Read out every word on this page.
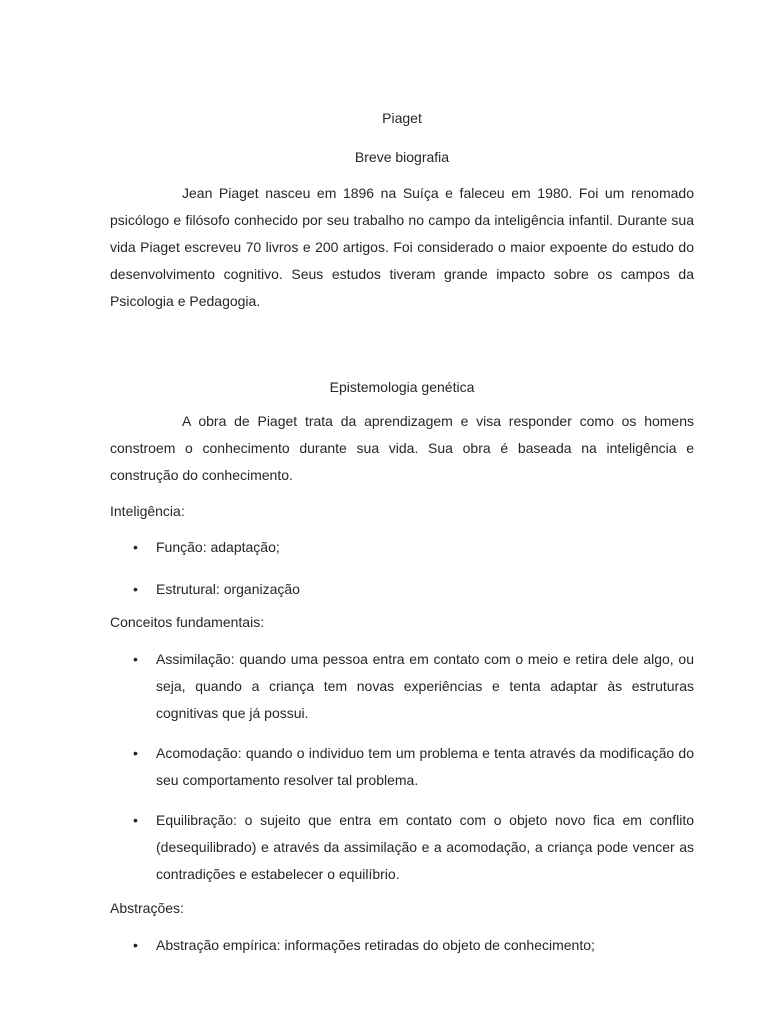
Piaget
Breve biografia

Jean Piaget nasceu em 1896 na Suíça e faleceu em 1980. Foi um renomado psicólogo e filósofo conhecido por seu trabalho no campo da inteligência infantil. Durante sua vida Piaget escreveu 70 livros e 200 artigos. Foi considerado o maior expoente do estudo do desenvolvimento cognitivo. Seus estudos tiveram grande impacto sobre os campos da Psicologia e Pedagogia.

Epistemologia genética

A obra de Piaget trata da aprendizagem e visa responder como os homens constroem o conhecimento durante sua vida. Sua obra é baseada na inteligência e construção do conhecimento.

Inteligência:
• Função: adaptação;
• Estrutural: organização
Conceitos fundamentais:
• Assimilação: quando uma pessoa entra em contato com o meio e retira dele algo, ou seja, quando a criança tem novas experiências e tenta adaptar às estruturas cognitivas que já possui.
• Acomodação: quando o individuo tem um problema e tenta através da modificação do seu comportamento resolver tal problema.
• Equilibração: o sujeito que entra em contato com o objeto novo fica em conflito (desequilibrado) e através da assimilação e a acomodação, a criança pode vencer as contradições e estabelecer o equilíbrio.
Abstrações:
• Abstração empírica: informações retiradas do objeto de conhecimento;
